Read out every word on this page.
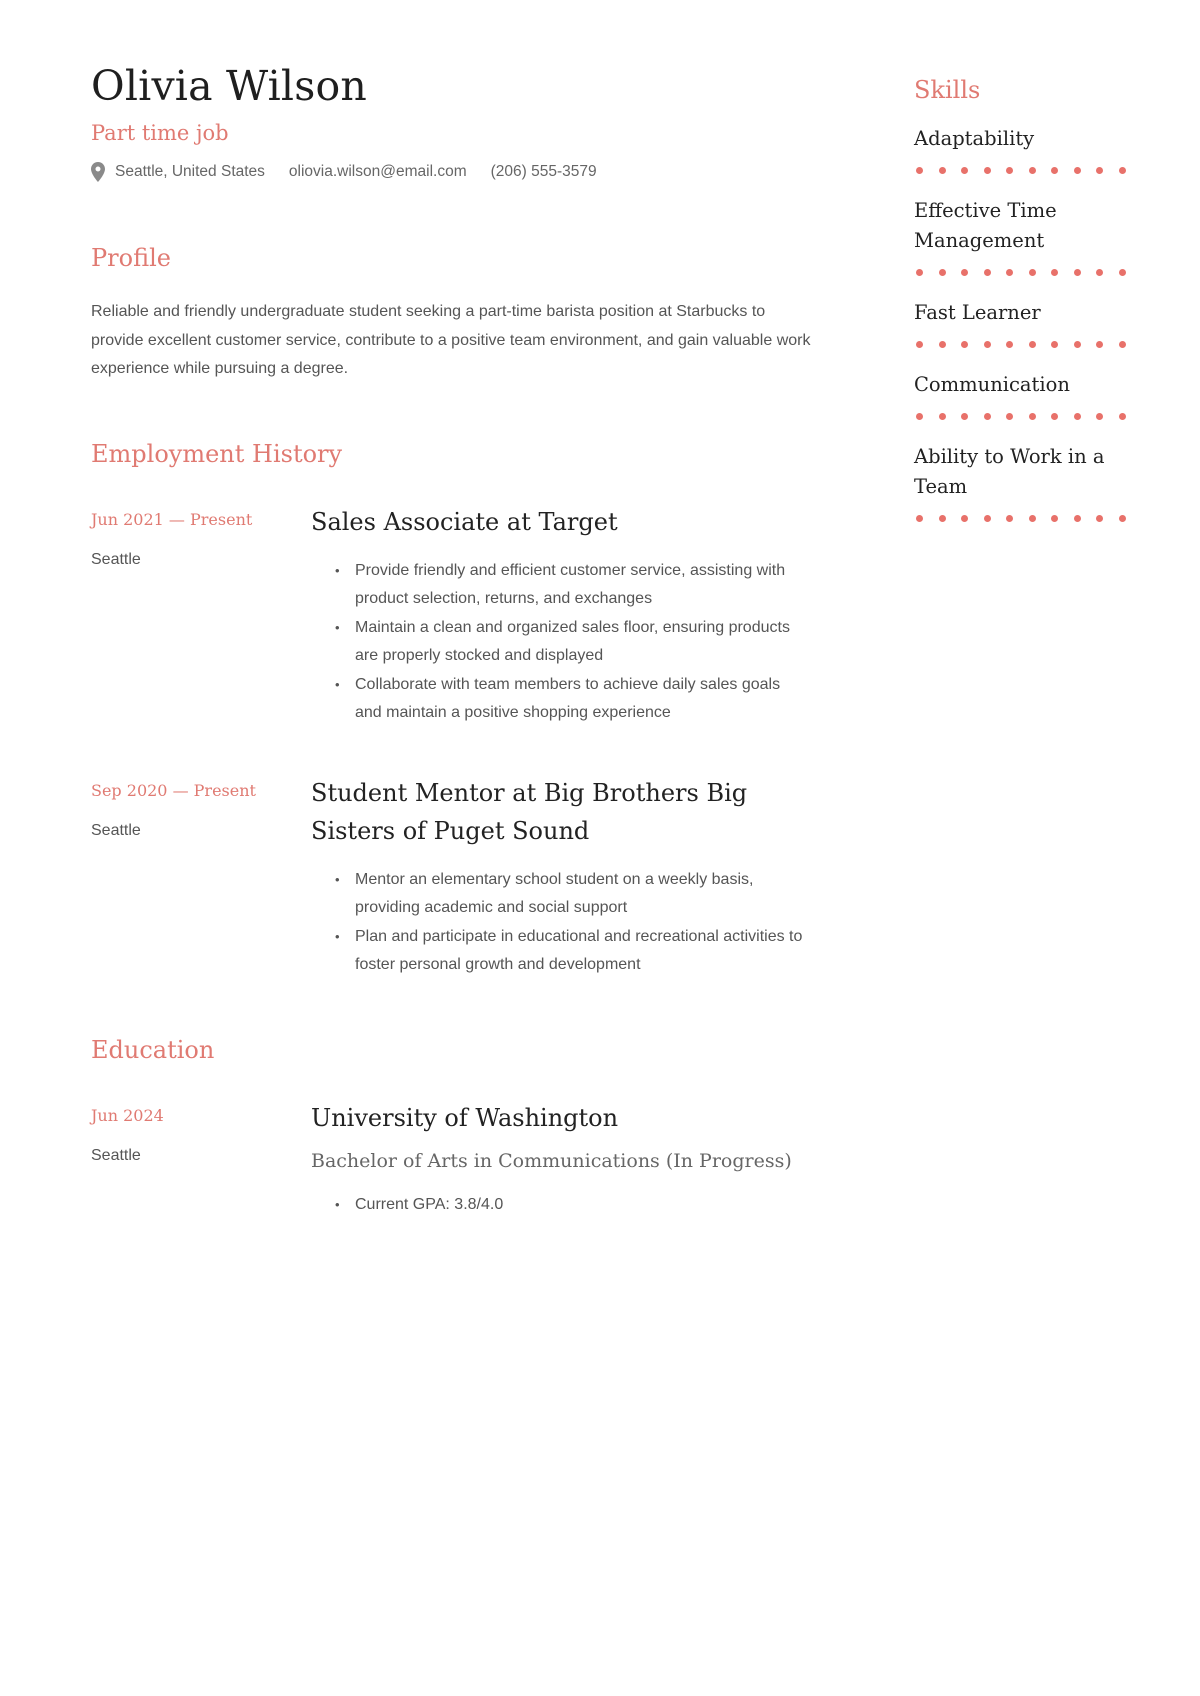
Olivia Wilson
Part time job
Seattle, United States oliovia.wilson@email.com (206) 555-3579
Profile

Reliable and friendly undergraduate student seeking a part-time barista position at Starbucks to provide excellent customer service, contribute to a positive team environment, and gain valuable work experience while pursuing a degree.

Employment History
Jun 2021 — Present
Seattle
Sales Associate at Target
• Provide friendly and efficient customer service, assisting with product selection, returns, and exchanges
• Maintain a clean and organized sales floor, ensuring products are properly stocked and displayed
• Collaborate with team members to achieve daily sales goals and maintain a positive shopping experience
Sep 2020 — Present
Seattle
Student Mentor at Big Brothers Big Sisters of Puget Sound
• Mentor an elementary school student on a weekly basis, providing academic and social support
• Plan and participate in educational and recreational activities to foster personal growth and development
Education
Jun 2024
Seattle
University of Washington
Bachelor of Arts in Communications (In Progress)
• Current GPA: 3.8/4.0
Skills
Adaptability
Effective Time Management
Fast Learner
Communication
Ability to Work in a Team
